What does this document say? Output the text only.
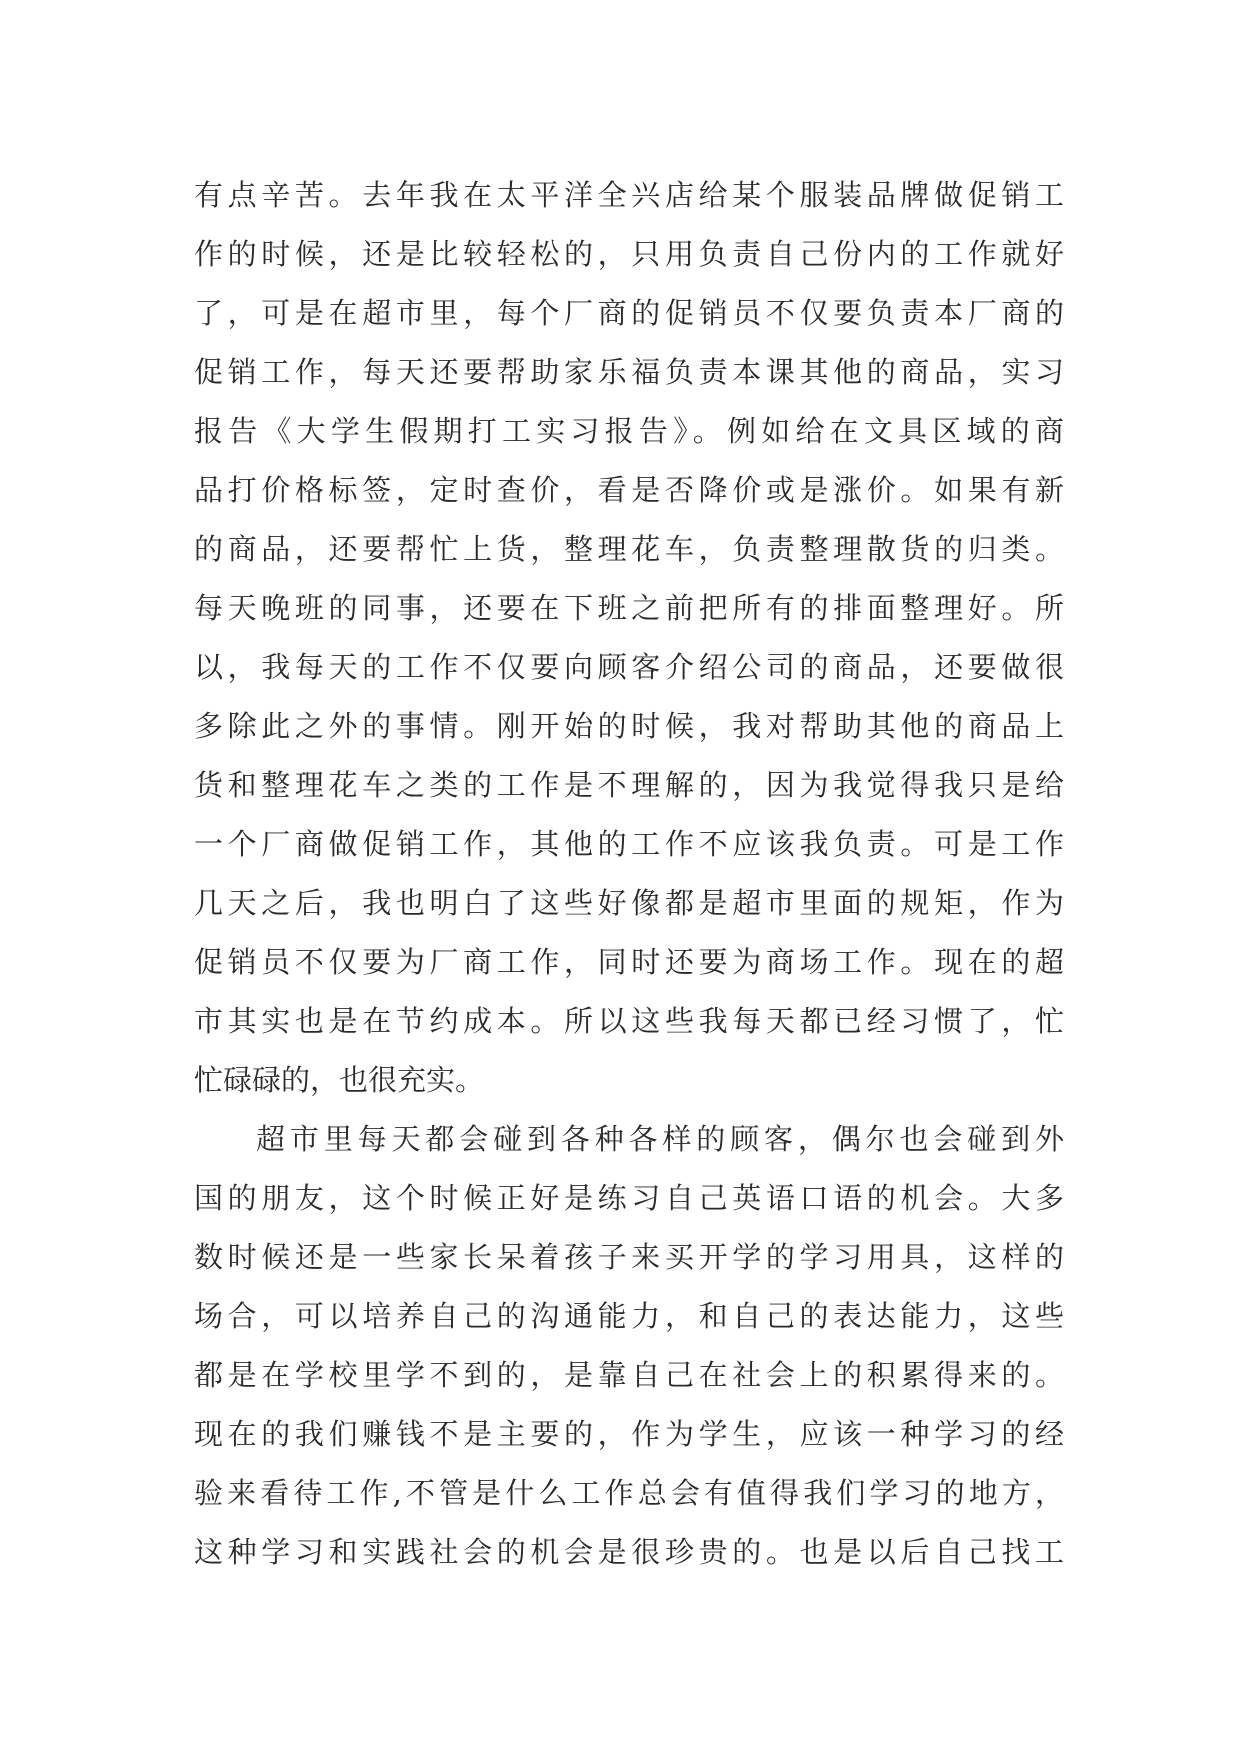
有点辛苦。去年我在太平洋全兴店给某个服装品牌做促销工
作的时候，还是比较轻松的，只用负责自己份内的工作就好
了，可是在超市里，每个厂商的促销员不仅要负责本厂商的
促销工作，每天还要帮助家乐福负责本课其他的商品，实习
报告《大学生假期打工实习报告》。例如给在文具区域的商
品打价格标签，定时查价，看是否降价或是涨价。如果有新
的商品，还要帮忙上货，整理花车，负责整理散货的归类。
每天晚班的同事，还要在下班之前把所有的排面整理好。所
以，我每天的工作不仅要向顾客介绍公司的商品，还要做很
多除此之外的事情。刚开始的时候，我对帮助其他的商品上
货和整理花车之类的工作是不理解的，因为我觉得我只是给
一个厂商做促销工作，其他的工作不应该我负责。可是工作
几天之后，我也明白了这些好像都是超市里面的规矩，作为
促销员不仅要为厂商工作，同时还要为商场工作。现在的超
市其实也是在节约成本。所以这些我每天都已经习惯了，忙
忙碌碌的，也很充实。
超市里每天都会碰到各种各样的顾客，偶尔也会碰到外
国的朋友，这个时候正好是练习自己英语口语的机会。大多
数时候还是一些家长呆着孩子来买开学的学习用具，这样的
场合，可以培养自己的沟通能力，和自己的表达能力，这些
都是在学校里学不到的，是靠自己在社会上的积累得来的。
现在的我们赚钱不是主要的，作为学生，应该一种学习的经
验来看待工作,不管是什么工作总会有值得我们学习的地方，
这种学习和实践社会的机会是很珍贵的。也是以后自己找工
